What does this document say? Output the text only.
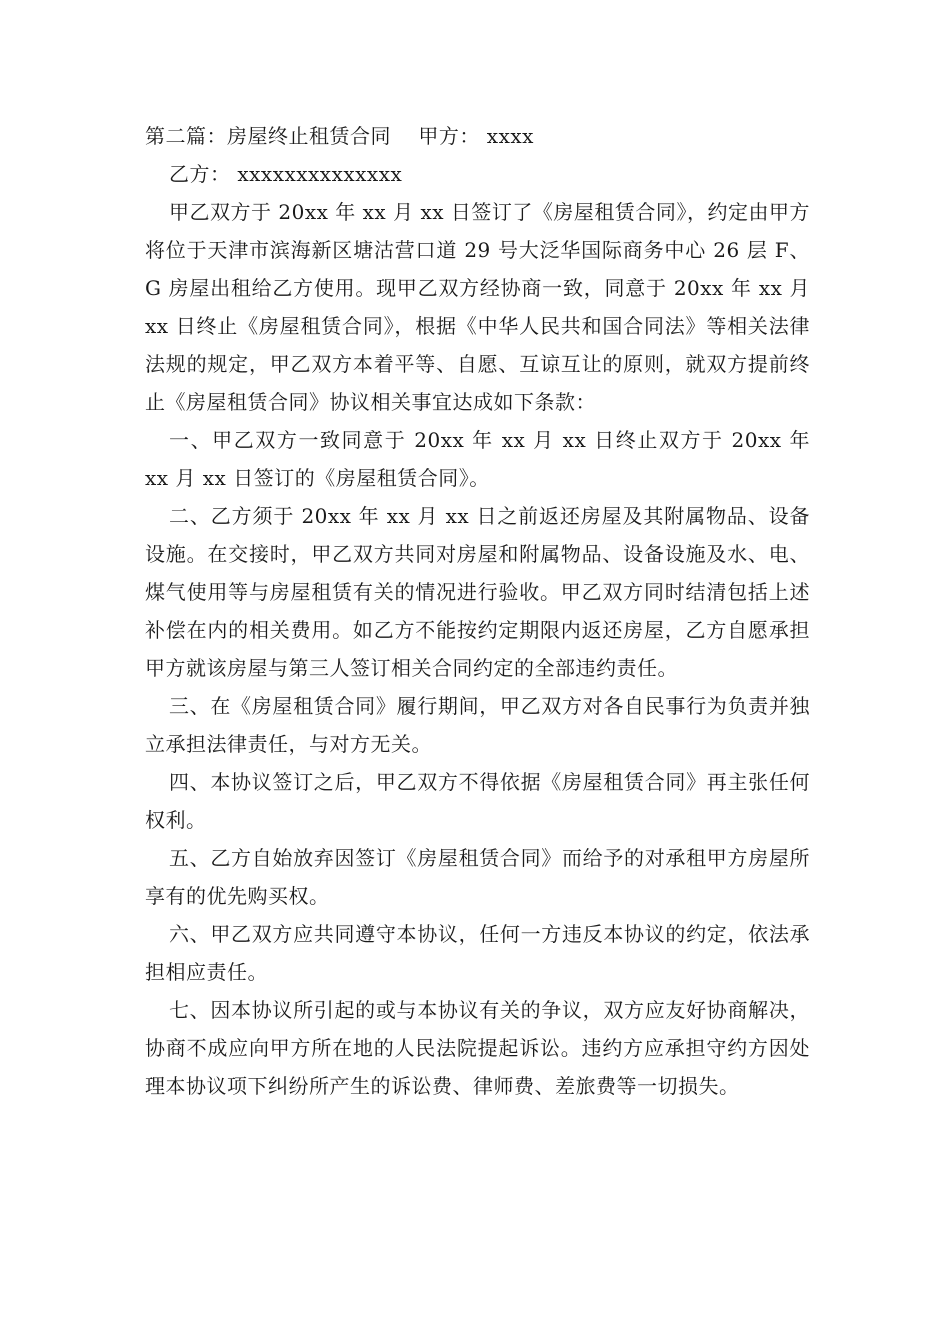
第二篇：房屋终止租赁合同    甲方： xxxx

乙方： xxxxxxxxxxxxxx

甲乙双方于 20xx 年 xx 月 xx 日签订了《房屋租赁合同》，约定由甲方将位于天津市滨海新区塘沽营口道 29 号大泛华国际商务中心 26 层 F、G 房屋出租给乙方使用。现甲乙双方经协商一致，同意于 20xx 年 xx 月 xx 日终止《房屋租赁合同》，根据《中华人民共和国合同法》等相关法律法规的规定，甲乙双方本着平等、自愿、互谅互让的原则，就双方提前终止《房屋租赁合同》协议相关事宜达成如下条款：

一、甲乙双方一致同意于 20xx 年 xx 月 xx 日终止双方于 20xx 年 xx 月 xx 日签订的《房屋租赁合同》。

二、乙方须于 20xx 年 xx 月 xx 日之前返还房屋及其附属物品、设备设施。在交接时，甲乙双方共同对房屋和附属物品、设备设施及水、电、煤气使用等与房屋租赁有关的情况进行验收。甲乙双方同时结清包括上述补偿在内的相关费用。如乙方不能按约定期限内返还房屋，乙方自愿承担甲方就该房屋与第三人签订相关合同约定的全部违约责任。

三、在《房屋租赁合同》履行期间，甲乙双方对各自民事行为负责并独立承担法律责任，与对方无关。

四、本协议签订之后，甲乙双方不得依据《房屋租赁合同》再主张任何权利。

五、乙方自始放弃因签订《房屋租赁合同》而给予的对承租甲方房屋所享有的优先购买权。

六、甲乙双方应共同遵守本协议，任何一方违反本协议的约定，依法承担相应责任。

七、因本协议所引起的或与本协议有关的争议，双方应友好协商解决，协商不成应向甲方所在地的人民法院提起诉讼。违约方应承担守约方因处理本协议项下纠纷所产生的诉讼费、律师费、差旅费等一切损失。
